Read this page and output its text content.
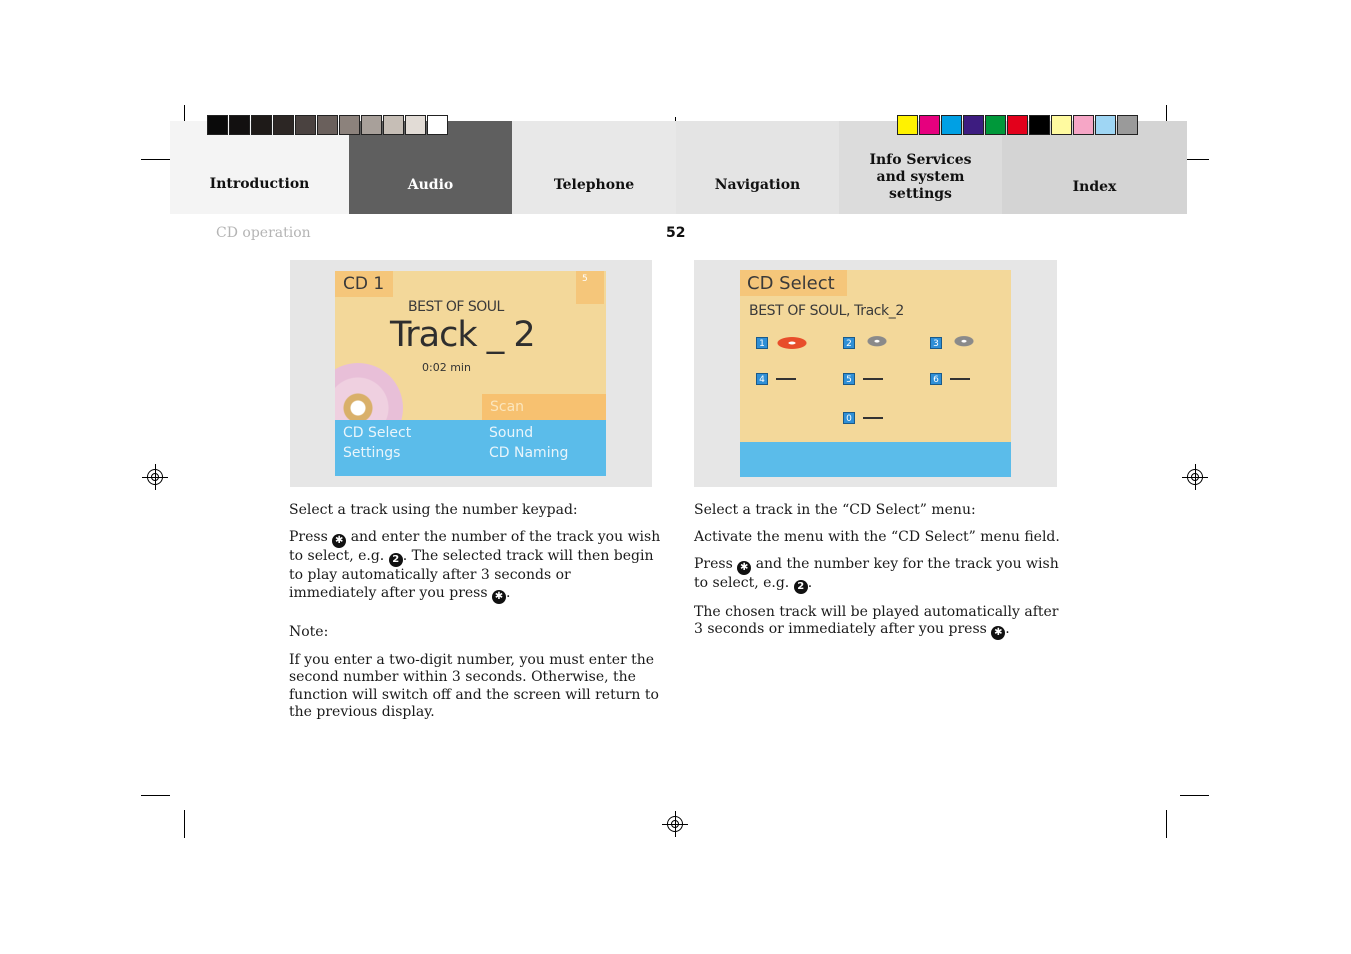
Introduction	Audio	Telephone	Navigation
Info Services and system settings	Index
CD operation	52
CD 1	5
BEST OF SOUL
Track _ 2
0:02 min
Scan
CD Select	Sound
Settings	CD Naming
CD Select
BEST OF SOUL, Track_2
1	2	3
4	5	6
0

Select a track using the number keypad:

Press ✱ and enter the number of the track you wish to select, e.g. 2 . The selected track will then begin to play automatically after 3 seconds or immediately after you press ✱ .

Note:

If you enter a two-digit number, you must enter the second number within 3 seconds. Otherwise, the function will switch off and the screen will return to the previous display.

Select a track in the “CD Select” menu:

Activate the menu with the “CD Select” menu field.

Press ✱ and the number key for the track you wish to select, e.g. 2 .

The chosen track will be played automatically after 3 seconds or immediately after you press ✱ .
